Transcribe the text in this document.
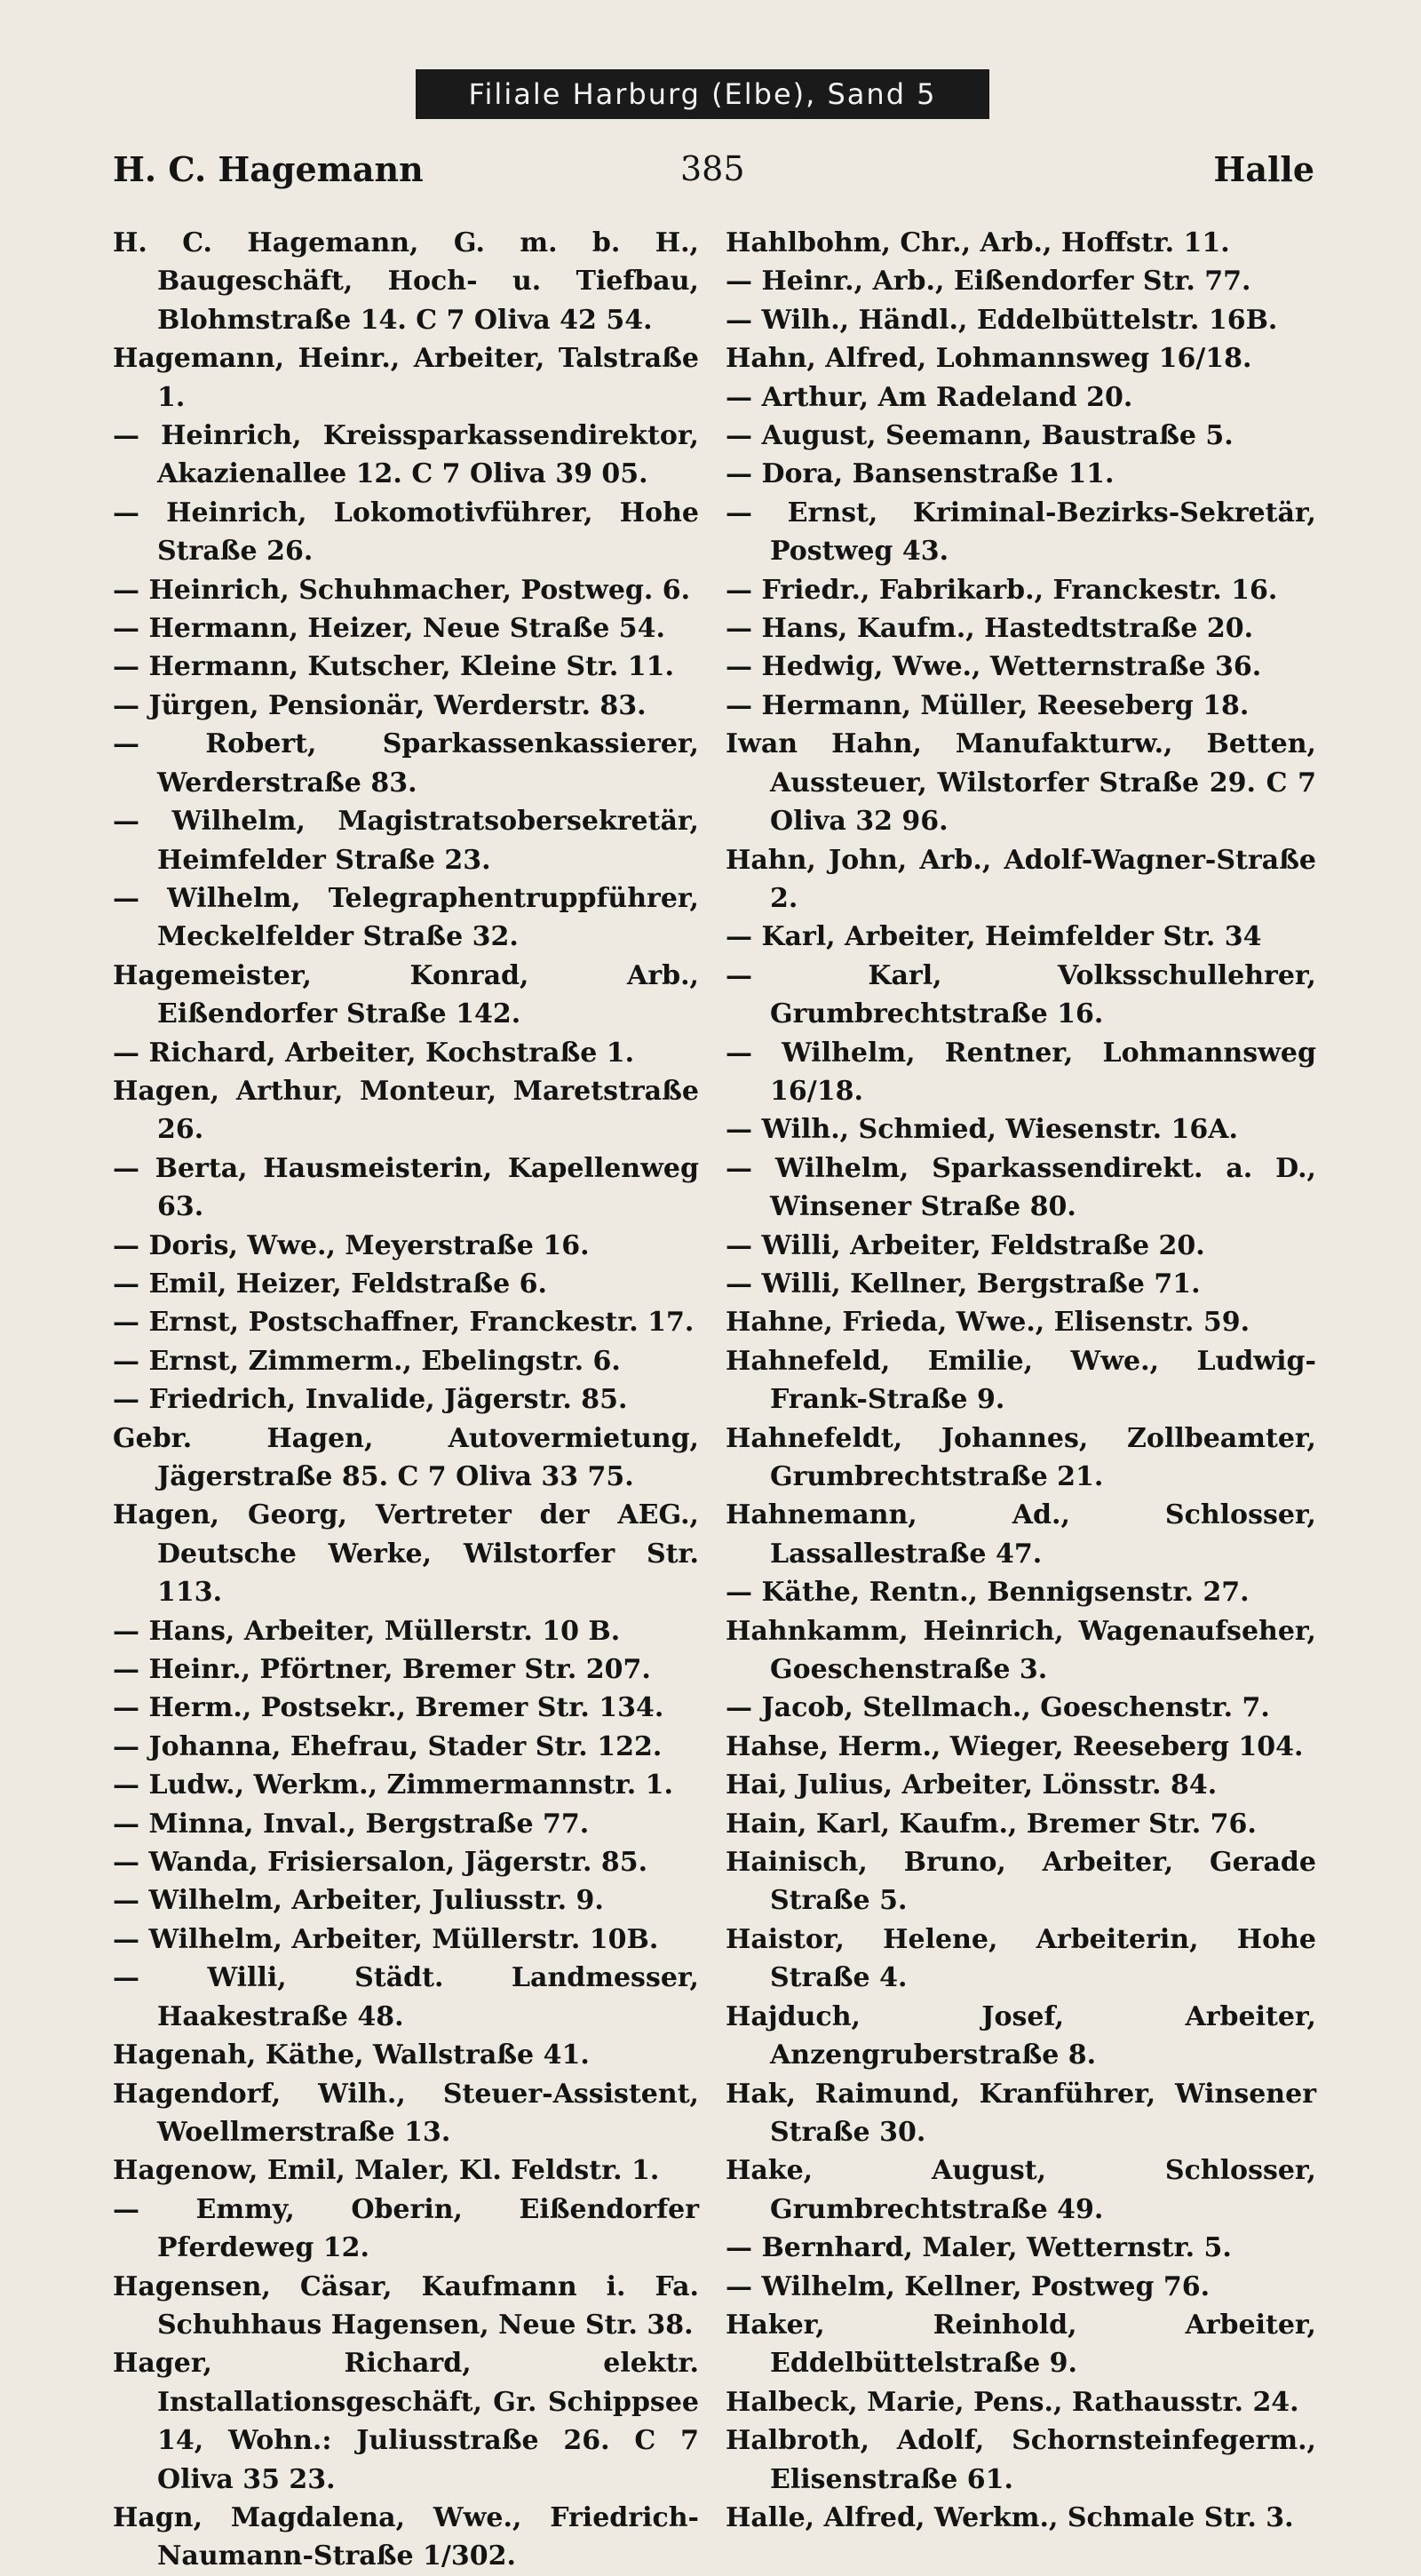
Filiale Harburg (Elbe), Sand 5
H. C. Hagemann	385	Halle
H. C. Hagemann, G. m. b. H., Baugeschäft, Hoch- u. Tiefbau, Blohmstraße 14. C 7 Oliva 42 54.
Hagemann, Heinr., Arbeiter, Talstraße 1.
— Heinrich, Kreissparkassendirektor, Akazienallee 12. C 7 Oliva 39 05.
— Heinrich, Lokomotivführer, Hohe Straße 26.
— Heinrich, Schuhmacher, Postweg. 6.
— Hermann, Heizer, Neue Straße 54.
— Hermann, Kutscher, Kleine Str. 11.
— Jürgen, Pensionär, Werderstr. 83.
— Robert, Sparkassenkassierer, Werderstraße 83.
— Wilhelm, Magistratsobersekretär, Heimfelder Straße 23.
— Wilhelm, Telegraphentruppführer, Meckelfelder Straße 32.
Hagemeister, Konrad, Arb., Eißendorfer Straße 142.
— Richard, Arbeiter, Kochstraße 1.
Hagen, Arthur, Monteur, Maretstraße 26.
— Berta, Hausmeisterin, Kapellenweg 63.
— Doris, Wwe., Meyerstraße 16.
— Emil, Heizer, Feldstraße 6.
— Ernst, Postschaffner, Franckestr. 17.
— Ernst, Zimmerm., Ebelingstr. 6.
— Friedrich, Invalide, Jägerstr. 85.
Gebr. Hagen, Autovermietung, Jägerstraße 85. C 7 Oliva 33 75.
Hagen, Georg, Vertreter der AEG., Deutsche Werke, Wilstorfer Str. 113.
— Hans, Arbeiter, Müllerstr. 10 B.
— Heinr., Pförtner, Bremer Str. 207.
— Herm., Postsekr., Bremer Str. 134.
— Johanna, Ehefrau, Stader Str. 122.
— Ludw., Werkm., Zimmermannstr. 1.
— Minna, Inval., Bergstraße 77.
— Wanda, Frisiersalon, Jägerstr. 85.
— Wilhelm, Arbeiter, Juliusstr. 9.
— Wilhelm, Arbeiter, Müllerstr. 10B.
— Willi, Städt. Landmesser, Haakestraße 48.
Hagenah, Käthe, Wallstraße 41.
Hagendorf, Wilh., Steuer-Assistent, Woellmerstraße 13.
Hagenow, Emil, Maler, Kl. Feldstr. 1.
— Emmy, Oberin, Eißendorfer Pferdeweg 12.
Hagensen, Cäsar, Kaufmann i. Fa. Schuhhaus Hagensen, Neue Str. 38.
Hager, Richard, elektr. Installationsgeschäft, Gr. Schippsee 14, Wohn.: Juliusstraße 26. C 7 Oliva 35 23.
Hagn, Magdalena, Wwe., Friedrich-Naumann-Straße 1/302.
Hahlbohm, Chr., Arb., Hoffstr. 11.
— Heinr., Arb., Eißendorfer Str. 77.
— Wilh., Händl., Eddelbüttelstr. 16B.
Hahn, Alfred, Lohmannsweg 16/18.
— Arthur, Am Radeland 20.
— August, Seemann, Baustraße 5.
— Dora, Bansenstraße 11.
— Ernst, Kriminal-Bezirks-Sekretär, Postweg 43.
— Friedr., Fabrikarb., Franckestr. 16.
— Hans, Kaufm., Hastedtstraße 20.
— Hedwig, Wwe., Wetternstraße 36.
— Hermann, Müller, Reeseberg 18.
Iwan Hahn, Manufakturw., Betten, Aussteuer, Wilstorfer Straße 29. C 7 Oliva 32 96.
Hahn, John, Arb., Adolf-Wagner-Straße 2.
— Karl, Arbeiter, Heimfelder Str. 34
— Karl, Volksschullehrer, Grumbrechtstraße 16.
— Wilhelm, Rentner, Lohmannsweg 16/18.
— Wilh., Schmied, Wiesenstr. 16A.
— Wilhelm, Sparkassendirekt. a. D., Winsener Straße 80.
— Willi, Arbeiter, Feldstraße 20.
— Willi, Kellner, Bergstraße 71.
Hahne, Frieda, Wwe., Elisenstr. 59.
Hahnefeld, Emilie, Wwe., Ludwig-Frank-Straße 9.
Hahnefeldt, Johannes, Zollbeamter, Grumbrechtstraße 21.
Hahnemann, Ad., Schlosser, Lassallestraße 47.
— Käthe, Rentn., Bennigsenstr. 27.
Hahnkamm, Heinrich, Wagenaufseher, Goeschenstraße 3.
— Jacob, Stellmach., Goeschenstr. 7.
Hahse, Herm., Wieger, Reeseberg 104.
Hai, Julius, Arbeiter, Lönsstr. 84.
Hain, Karl, Kaufm., Bremer Str. 76.
Hainisch, Bruno, Arbeiter, Gerade Straße 5.
Haistor, Helene, Arbeiterin, Hohe Straße 4.
Hajduch, Josef, Arbeiter, Anzengruberstraße 8.
Hak, Raimund, Kranführer, Winsener Straße 30.
Hake, August, Schlosser, Grumbrechtstraße 49.
— Bernhard, Maler, Wetternstr. 5.
— Wilhelm, Kellner, Postweg 76.
Haker, Reinhold, Arbeiter, Eddelbüttelstraße 9.
Halbeck, Marie, Pens., Rathausstr. 24.
Halbroth, Adolf, Schornsteinfegerm., Elisenstraße 61.
Halle, Alfred, Werkm., Schmale Str. 3.
